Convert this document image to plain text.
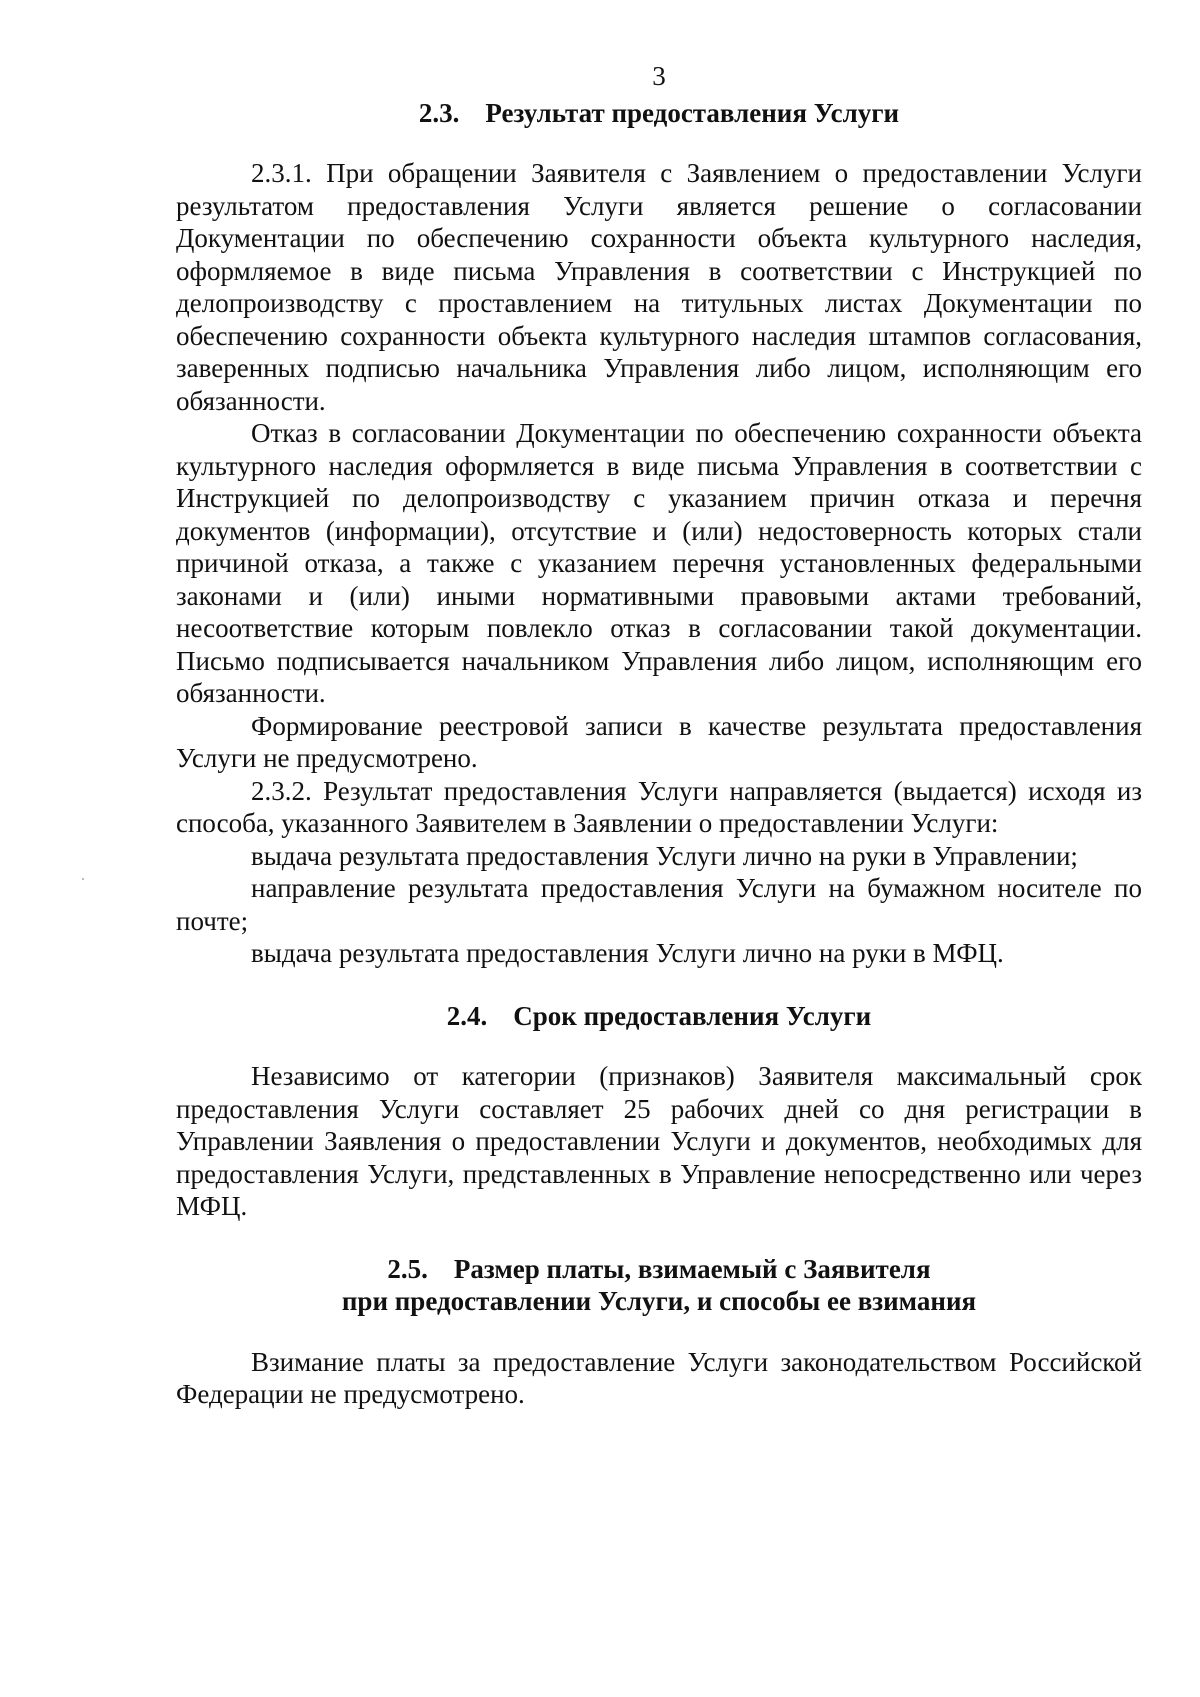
3
2.3. Результат предоставления Услуги

2.3.1. При обращении Заявителя с Заявлением о предоставлении Услуги результатом предоставления Услуги является решение о согласовании Документации по обеспечению сохранности объекта культурного наследия, оформляемое в виде письма Управления в соответствии с Инструкцией по делопроизводству с проставлением на титульных листах Документации по обеспечению сохранности объекта культурного наследия штампов согласования, заверенных подписью начальника Управления либо лицом, исполняющим его обязанности.

Отказ в согласовании Документации по обеспечению сохранности объекта культурного наследия оформляется в виде письма Управления в соответствии с Инструкцией по делопроизводству с указанием причин отказа и перечня документов (информации), отсутствие и (или) недостоверность которых стали причиной отказа, а также с указанием перечня установленных федеральными законами и (или) иными нормативными правовыми актами требований, несоответствие которым повлекло отказ в согласовании такой документации. Письмо подписывается начальником Управления либо лицом, исполняющим его обязанности.

Формирование реестровой записи в качестве результата предоставления Услуги не предусмотрено.

2.3.2. Результат предоставления Услуги направляется (выдается) исходя из способа, указанного Заявителем в Заявлении о предоставлении Услуги:

выдача результата предоставления Услуги лично на руки в Управлении;

направление результата предоставления Услуги на бумажном носителе по почте;

выдача результата предоставления Услуги лично на руки в МФЦ.

2.4. Срок предоставления Услуги

Независимо от категории (признаков) Заявителя максимальный срок предоставления Услуги составляет 25 рабочих дней со дня регистрации в Управлении Заявления о предоставлении Услуги и документов, необходимых для предоставления Услуги, представленных в Управление непосредственно или через МФЦ.

2.5. Размер платы, взимаемый с Заявителя
при предоставлении Услуги, и способы ее взимания

Взимание платы за предоставление Услуги законодательством Российской Федерации не предусмотрено.
